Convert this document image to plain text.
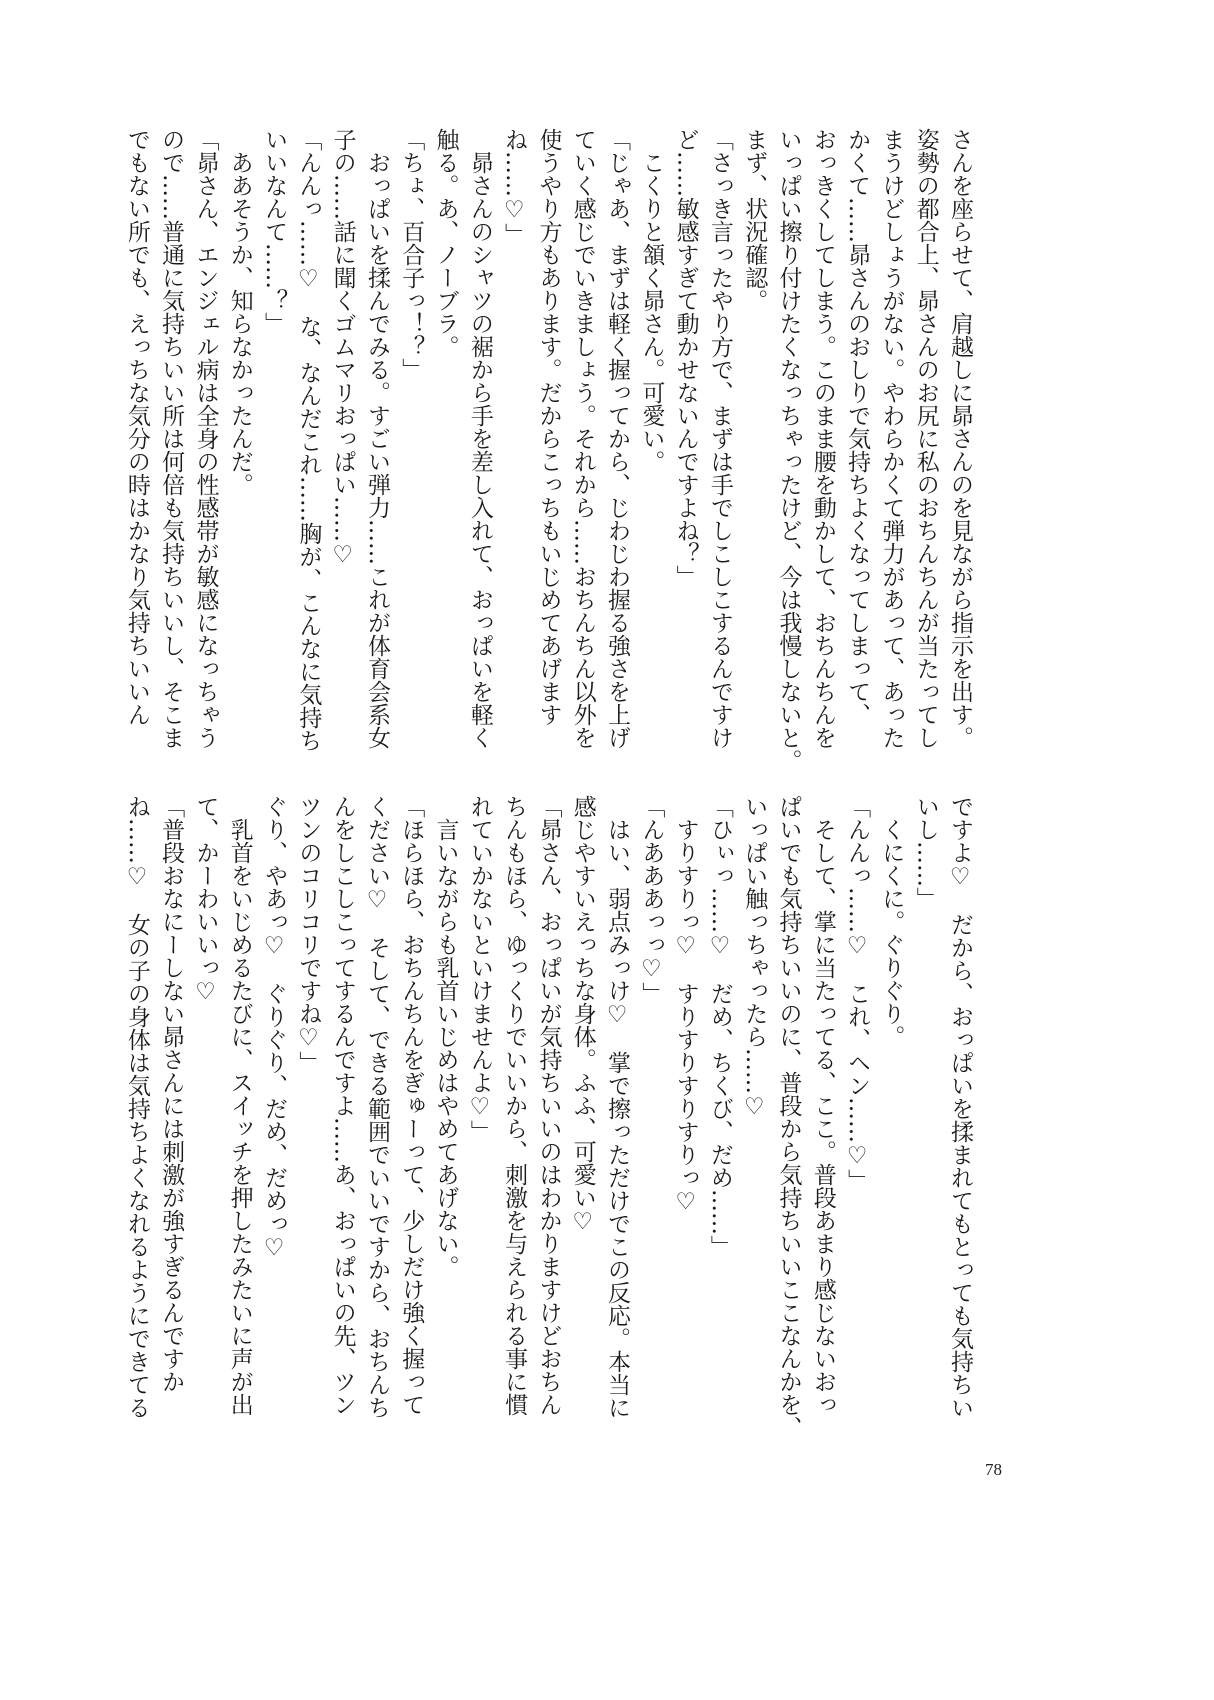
さんを座らせて、肩越しに昴さんのを見ながら指示を出す。
姿勢の都合上、昴さんのお尻に私のおちんちんが当たってし
まうけどしょうがない。やわらかくて弾力があって、あった
かくて……昴さんのおしりで気持ちよくなってしまって、
おっきくしてしまう。このまま腰を動かして、おちんちんを
いっぱい擦り付けたくなっちゃったけど、今は我慢しないと。
まず、状況確認。
「さっき言ったやり方で、まずは手でしこしこするんですけ
ど……敏感すぎて動かせないんですよね？」
　こくりと頷く昴さん。可愛い。
「じゃあ、まずは軽く握ってから、じわじわ握る強さを上げ
ていく感じでいきましょう。それから……おちんちん以外を
使うやり方もあります。だからこっちもいじめてあげます
ね……♡」
　昴さんのシャツの裾から手を差し入れて、おっぱいを軽く
触る。あ、ノーブラ。
「ちょ、百合子っ！？」
　おっぱいを揉んでみる。すごい弾力……これが体育会系女
子の……話に聞くゴムマリおっぱい……♡
「んんっ……♡　な、なんだこれ……胸が、こんなに気持ち
いいなんて……？」
　ああそうか、知らなかったんだ。
「昴さん、エンジェル病は全身の性感帯が敏感になっちゃう
ので……普通に気持ちいい所は何倍も気持ちいいし、そこま
でもない所でも、えっちな気分の時はかなり気持ちいいん
ですよ♡　だから、おっぱいを揉まれてもとっても気持ちい
いし……」
　くにくに。ぐりぐり。
「んんっ……♡　これ、ヘン……♡」
　そして、掌に当たってる、ここ。普段あまり感じないおっ
ぱいでも気持ちいいのに、普段から気持ちいいここなんかを、
いっぱい触っちゃったら……♡
「ひぃっ……♡　だめ、ちくび、だめ……」
　すりすりっ♡　すりすりすりすりっ♡
「んあああっっ♡」
　はい、弱点みっけ♡　掌で擦っただけでこの反応。本当に
感じやすいえっちな身体。ふふ、可愛い♡
「昴さん、おっぱいが気持ちいいのはわかりますけどおちん
ちんもほら、ゆっくりでいいから、刺激を与えられる事に慣
れていかないといけませんよ♡」
　言いながらも乳首いじめはやめてあげない。
「ほらほら、おちんちんをぎゅーって、少しだけ強く握って
ください♡　そして、できる範囲でいいですから、おちんち
んをしこしこってするんですよ……あ、おっぱいの先、ツン
ツンのコリコリですね♡」
ぐり、やあっ♡　ぐりぐり、だめ、だめっ♡
　乳首をいじめるたびに、スイッチを押したみたいに声が出
て、かーわいいっ♡
「普段おなにーしない昴さんには刺激が強すぎるんですか
ね……♡　女の子の身体は気持ちよくなれるようにできてる
78
